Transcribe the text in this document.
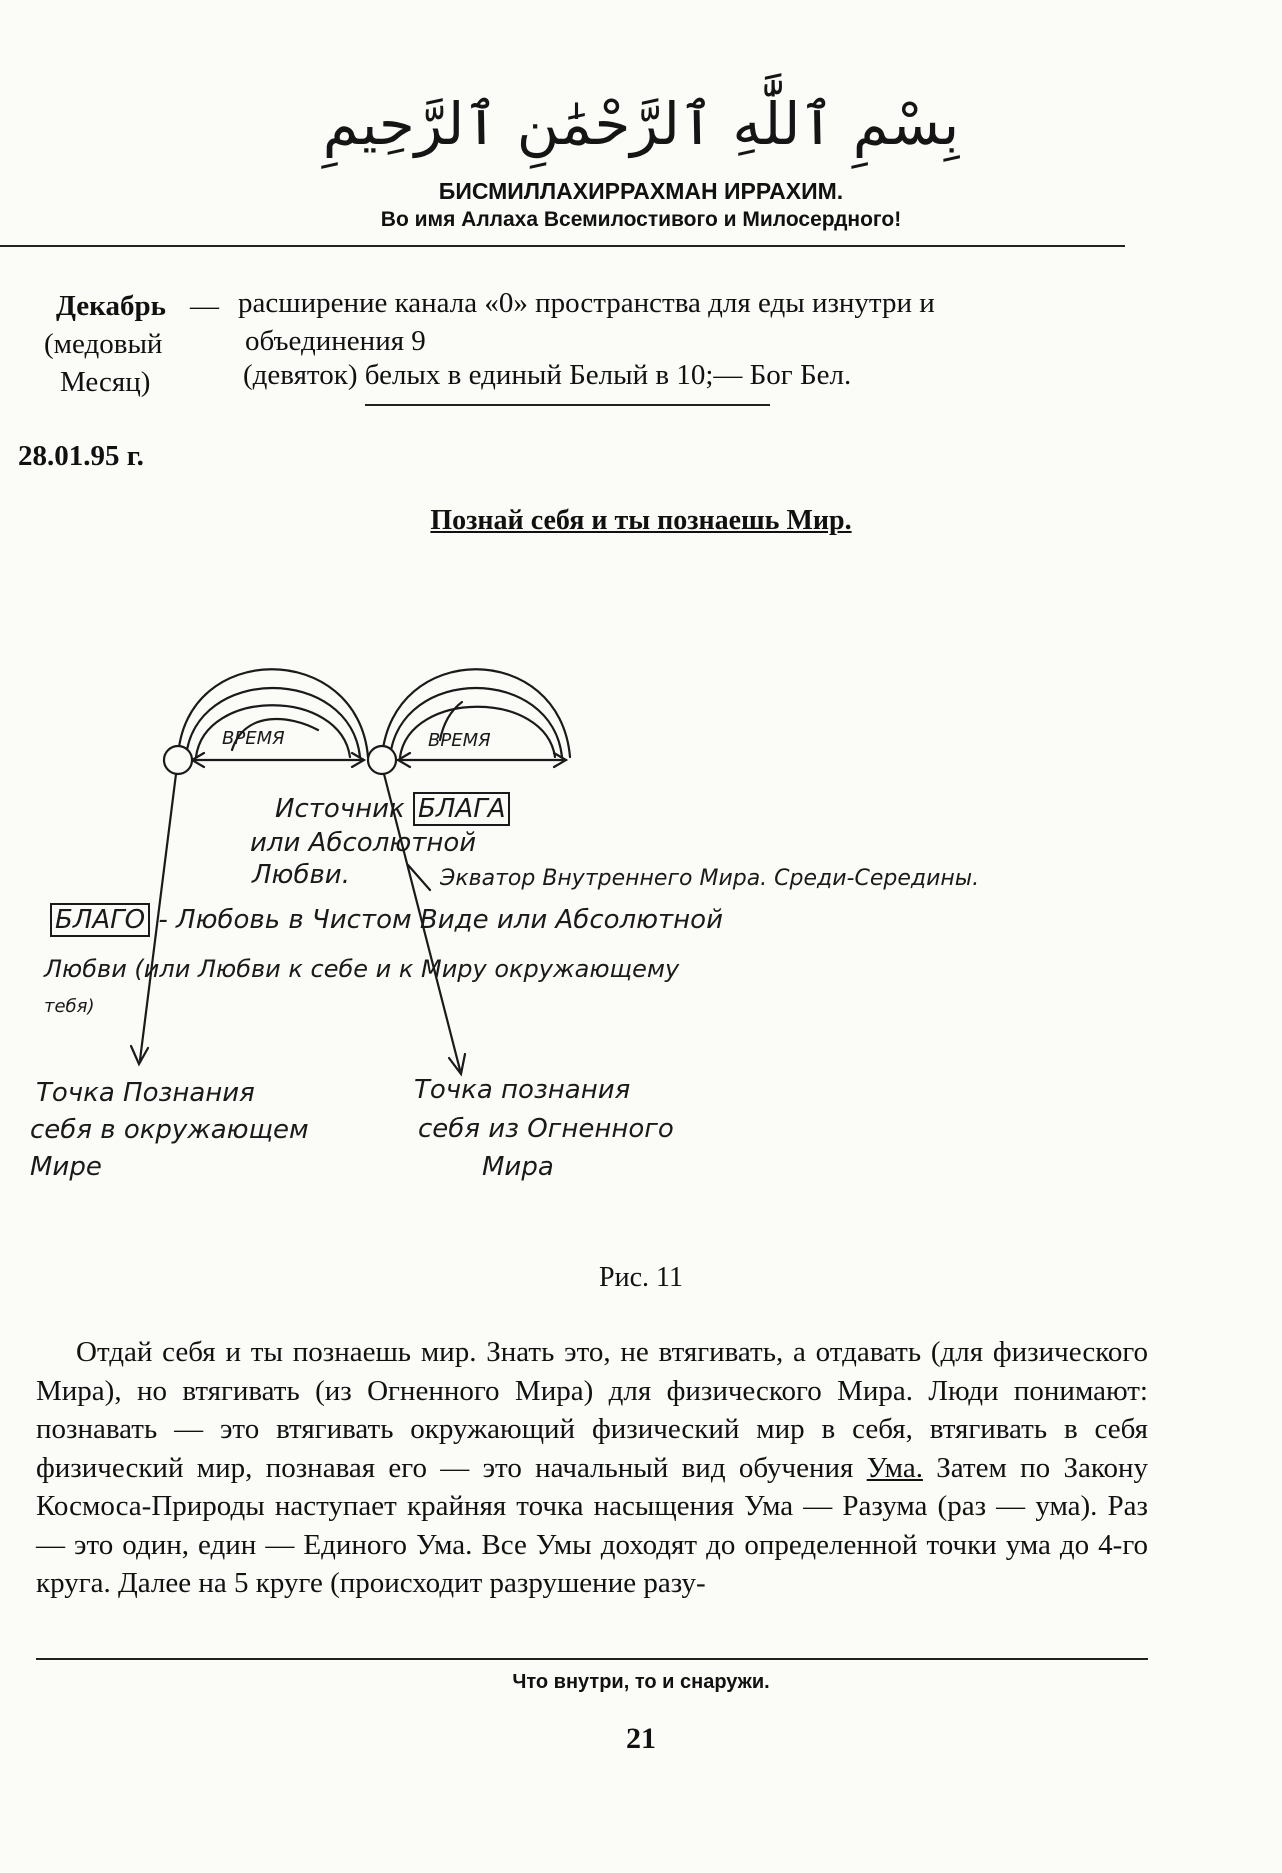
بِسْمِ ٱللَّٰهِ ٱلرَّحْمَٰنِ ٱلرَّحِيمِ
БИСМИЛЛАХИРРАХМАН ИРРАХИМ.
Во имя Аллаха Всемилостивого и Милосердного!
Декабрь
(медовый
Месяц)
— расширение канала «0» пространства для еды изнутри и
объединения 9
(девяток) белых в единый Белый в 10;— Бог Бел.
28.01.95 г.
Познай себя и ты познаешь Мир.
ВРЕМЯ	ВРЕМЯ
Источник БЛАГА
или Абсолютной
Любви.	Экватор Внутреннего Мира. Среди-Середины.
БЛАГО - Любовь в Чистом Виде или Абсолютной
Любви (или Любви к себе и к Миру окружающему
тебя)
Точка Познания
себя в окружающем
Мире
Точка познания
себя из Огненного
Мира
Рис. 11
Отдай себя и ты познаешь мир. Знать это, не втягивать, а отдавать (для физического Мира), но втягивать (из Огненного Мира) для физического Мира. Люди понимают: познавать — это втягивать окружающий физический мир в себя, втягивать в себя физический мир, познавая его — это начальный вид обучения Ума. Затем по Закону Космоса-Природы наступает крайняя точка насыщения Ума — Разума (раз — ума). Раз — это один, един — Единого Ума. Все Умы доходят до определенной точки ума до 4-го круга. Далее на 5 круге (происходит разрушение разу-
Что внутри, то и снаружи.
21
